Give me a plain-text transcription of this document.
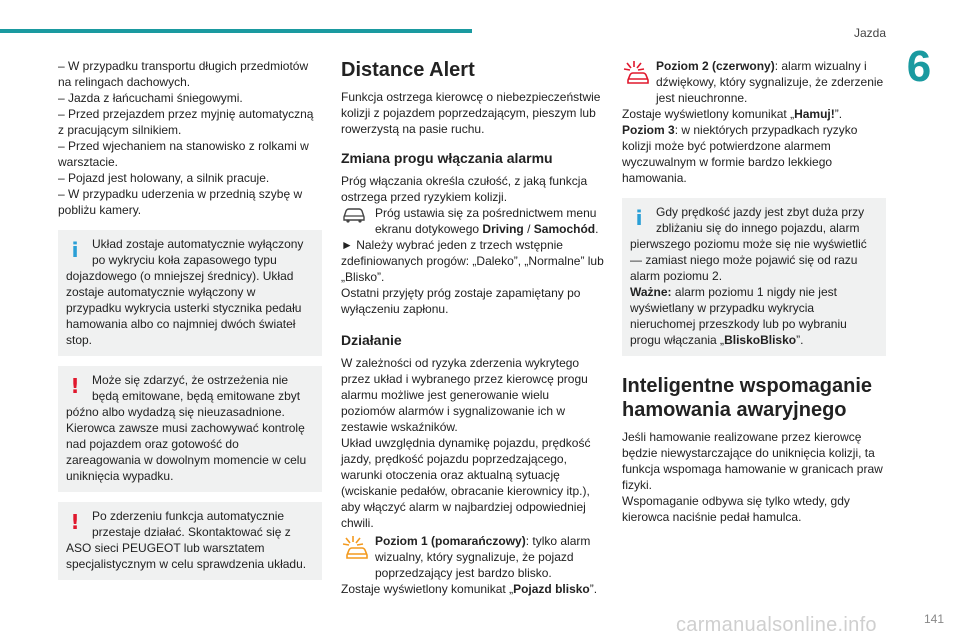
Jazda
6

– W przypadku transportu długich przedmiotów na relingach dachowych.

– Jazda z łańcuchami śniegowymi.

– Przed przejazdem przez myjnię automatyczną z pracującym silnikiem.

– Przed wjechaniem na stanowisko z rolkami w warsztacie.

– Pojazd jest holowany, a silnik pracuje.

– W przypadku uderzenia w przednią szybę w pobliżu kamery.

i	Układ zostaje automatycznie wyłączony po wykryciu koła zapasowego typu

dojazdowego (o mniejszej średnicy). Układ zostaje automatycznie wyłączony w przypadku wykrycia usterki stycznika pedału hamowania albo co najmniej dwóch świateł stop.

!	Może się zdarzyć, że ostrzeżenia nie będą emitowane, będą emitowane zbyt

późno albo wydadzą się nieuzasadnione. Kierowca zawsze musi zachowywać kontrolę nad pojazdem oraz gotowość do zareagowania w dowolnym momencie w celu uniknięcia wypadku.

!	Po zderzeniu funkcja automatycznie przestaje działać. Skontaktować się z

ASO sieci PEUGEOT lub warsztatem specjalistycznym w celu sprawdzenia układu.

Distance Alert

Funkcja ostrzega kierowcę o niebezpieczeństwie kolizji z pojazdem poprzedzającym, pieszym lub rowerzystą na pasie ruchu.

Zmiana progu włączania alarmu

Próg włączania określa czułość, z jaką funkcja ostrzega przed ryzykiem kolizji.

Próg ustawia się za pośrednictwem menu ekranu dotykowego Driving / Samochód.

► Należy wybrać jeden z trzech wstępnie zdefiniowanych progów: „Daleko”, „Normalne” lub „Blisko”.

Ostatni przyjęty próg zostaje zapamiętany po wyłączeniu zapłonu.

Działanie

W zależności od ryzyka zderzenia wykrytego przez układ i wybranego przez kierowcę progu alarmu możliwe jest generowanie wielu poziomów alarmów i sygnalizowanie ich w zestawie wskaźników.

Układ uwzględnia dynamikę pojazdu, prędkość jazdy, prędkość pojazdu poprzedzającego, warunki otoczenia oraz aktualną sytuację (wciskanie pedałów, obracanie kierownicy itp.), aby włączyć alarm w najbardziej odpowiedniej chwili.

Poziom 1 (pomarańczowy): tylko alarm wizualny, który sygnalizuje, że pojazd poprzedzający jest bardzo blisko.

Zostaje wyświetlony komunikat „Pojazd blisko”.

Poziom 2 (czerwony): alarm wizualny i dźwiękowy, który sygnalizuje, że zderzenie jest nieuchronne.

Zostaje wyświetlony komunikat „Hamuj!”.

Poziom 3: w niektórych przypadkach ryzyko kolizji może być potwierdzone alarmem wyczuwalnym w formie bardzo lekkiego hamowania.

i	Gdy prędkość jazdy jest zbyt duża przy zbliżaniu się do innego pojazdu, alarm

pierwszego poziomu może się nie wyświetlić — zamiast niego może pojawić się od razu alarm poziomu 2.

Ważne: alarm poziomu 1 nigdy nie jest wyświetlany w przypadku wykrycia nieruchomej przeszkody lub po wybraniu progu włączania „BliskoBlisko”.

Inteligentne wspomaganie hamowania awaryjnego

Jeśli hamowanie realizowane przez kierowcę będzie niewystarczające do uniknięcia kolizji, ta funkcja wspomaga hamowanie w granicach praw fizyki.

Wspomaganie odbywa się tylko wtedy, gdy kierowca naciśnie pedał hamulca.

carmanualsonline.info	141
